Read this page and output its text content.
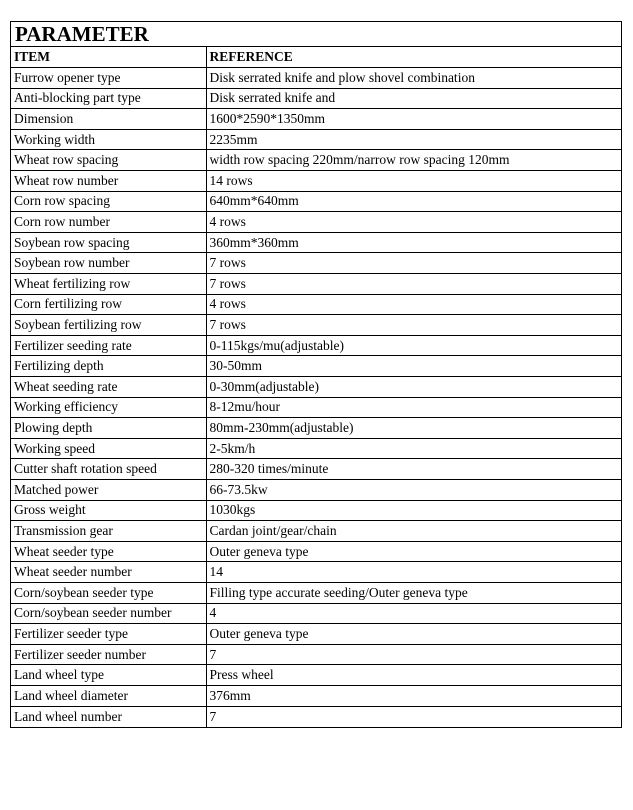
PARAMETER
ITEM	REFERENCE
Furrow opener type	Disk serrated knife and plow shovel combination
Anti-blocking part type	Disk serrated knife and
Dimension	1600*2590*1350mm
Working width	2235mm
Wheat row spacing	width row spacing 220mm/narrow row spacing 120mm
Wheat row number	14 rows
Corn row spacing	640mm*640mm
Corn row number	4 rows
Soybean row spacing	360mm*360mm
Soybean row number	7 rows
Wheat fertilizing row	7 rows
Corn fertilizing row	4 rows
Soybean fertilizing row	7 rows
Fertilizer seeding rate	0-115kgs/mu(adjustable)
Fertilizing depth	30-50mm
Wheat seeding rate	0-30mm(adjustable)
Working efficiency	8-12mu/hour
Plowing depth	80mm-230mm(adjustable)
Working speed	2-5km/h
Cutter shaft rotation speed	280-320 times/minute
Matched power	66-73.5kw
Gross weight	1030kgs
Transmission gear	Cardan joint/gear/chain
Wheat seeder type	Outer geneva type
Wheat seeder number	14
Corn/soybean seeder type	Filling type accurate seeding/Outer geneva type
Corn/soybean seeder number	4
Fertilizer seeder type	Outer geneva type
Fertilizer seeder number	7
Land wheel type	Press wheel
Land wheel diameter	376mm
Land wheel number	7
